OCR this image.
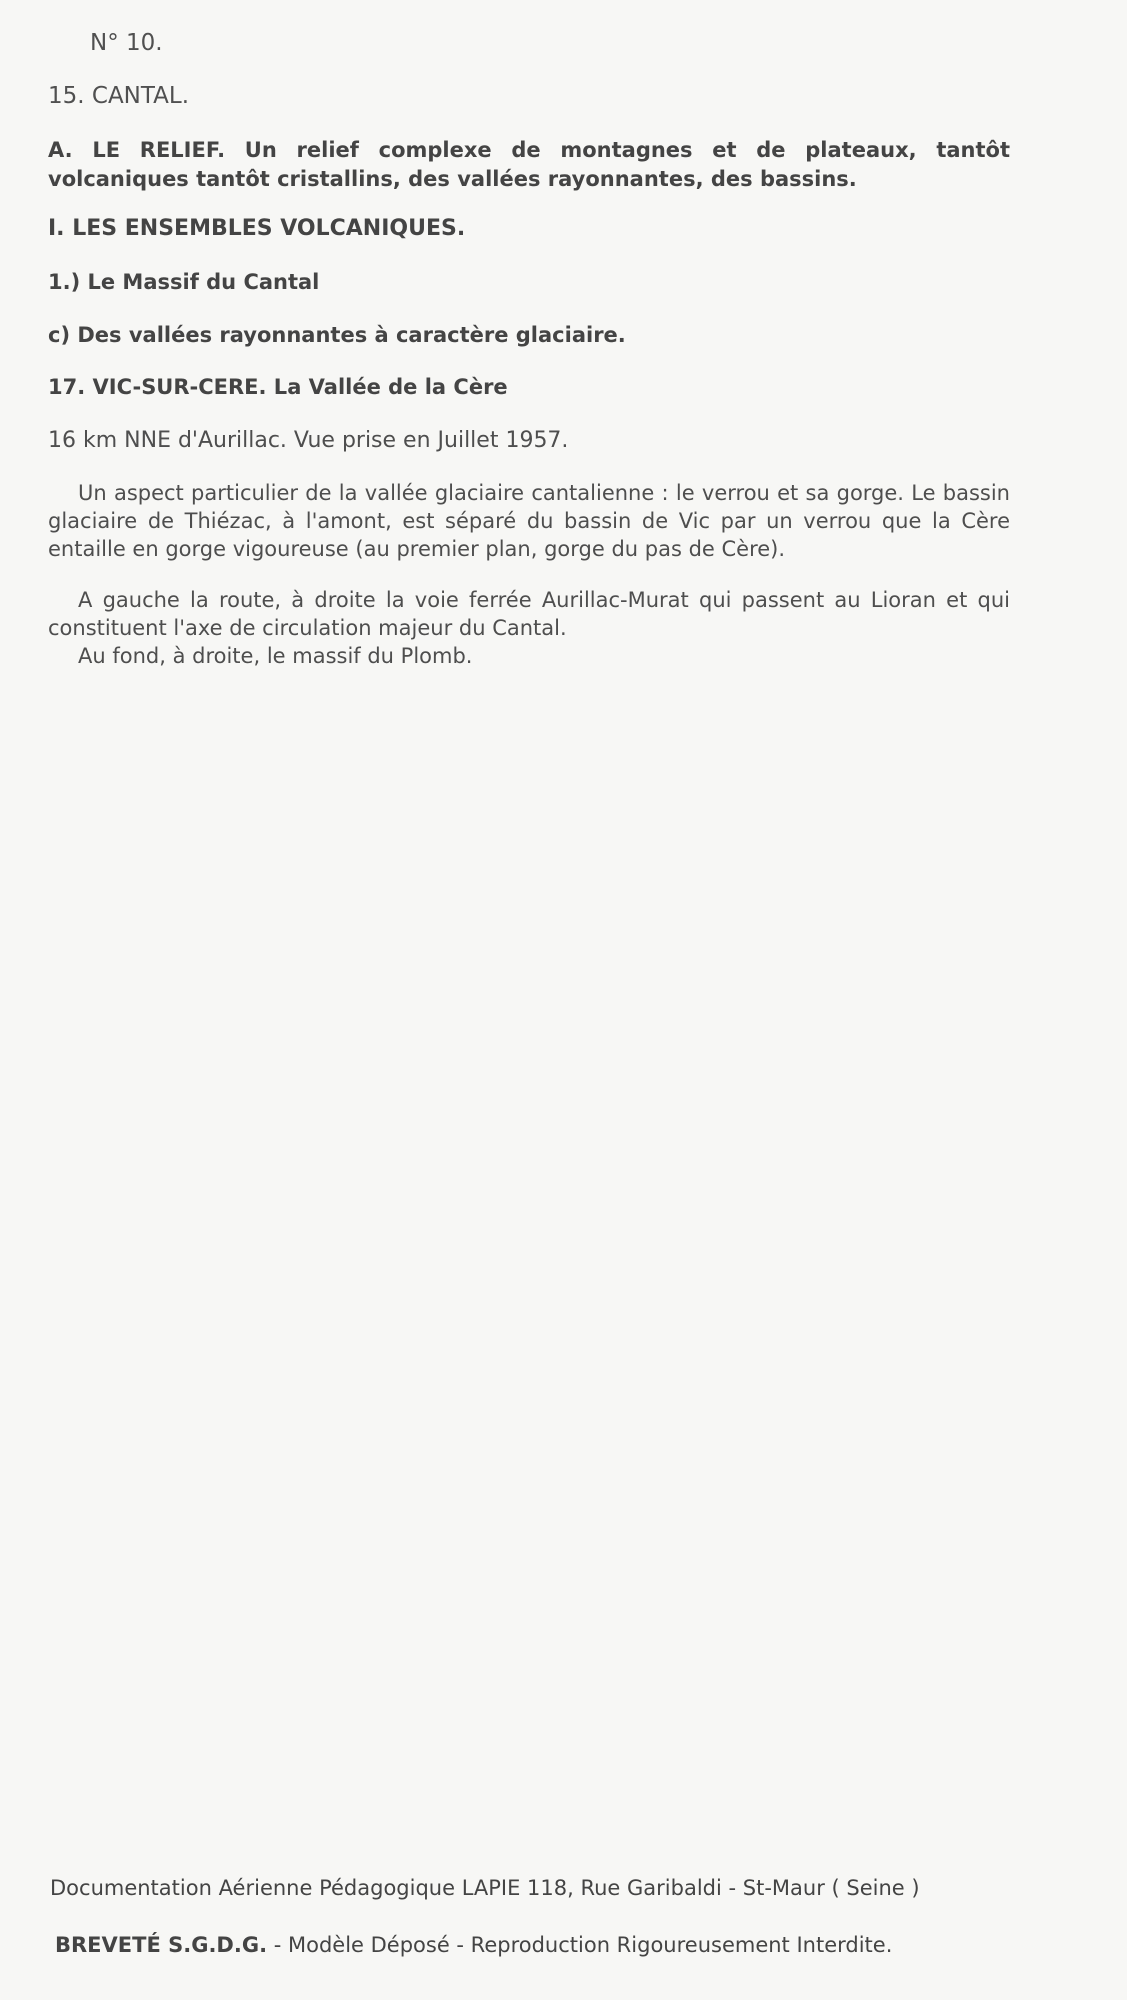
N° 10.

15. CANTAL.

A. LE RELIEF. Un relief complexe de montagnes et de plateaux, tantôt volcaniques tantôt cristallins, des vallées rayonnantes, des bassins.

I. LES ENSEMBLES VOLCANIQUES.

1.) Le Massif du Cantal

c) Des vallées rayonnantes à caractère glaciaire.

17. VIC-SUR-CERE. La Vallée de la Cère

16 km NNE d'Aurillac. Vue prise en Juillet 1957.

Un aspect particulier de la vallée glaciaire cantalienne : le verrou et sa gorge. Le bassin glaciaire de Thiézac, à l'amont, est séparé du bassin de Vic par un verrou que la Cère entaille en gorge vigoureuse (au premier plan, gorge du pas de Cère).

A gauche la route, à droite la voie ferrée Aurillac-Murat qui passent au Lioran et qui constituent l'axe de circulation majeur du Cantal.

Au fond, à droite, le massif du Plomb.

Documentation Aérienne Pédagogique LAPIE 118, Rue Garibaldi - St-Maur ( Seine )

BREVETÉ S.G.D.G. - Modèle Déposé - Reproduction Rigoureusement Interdite.
